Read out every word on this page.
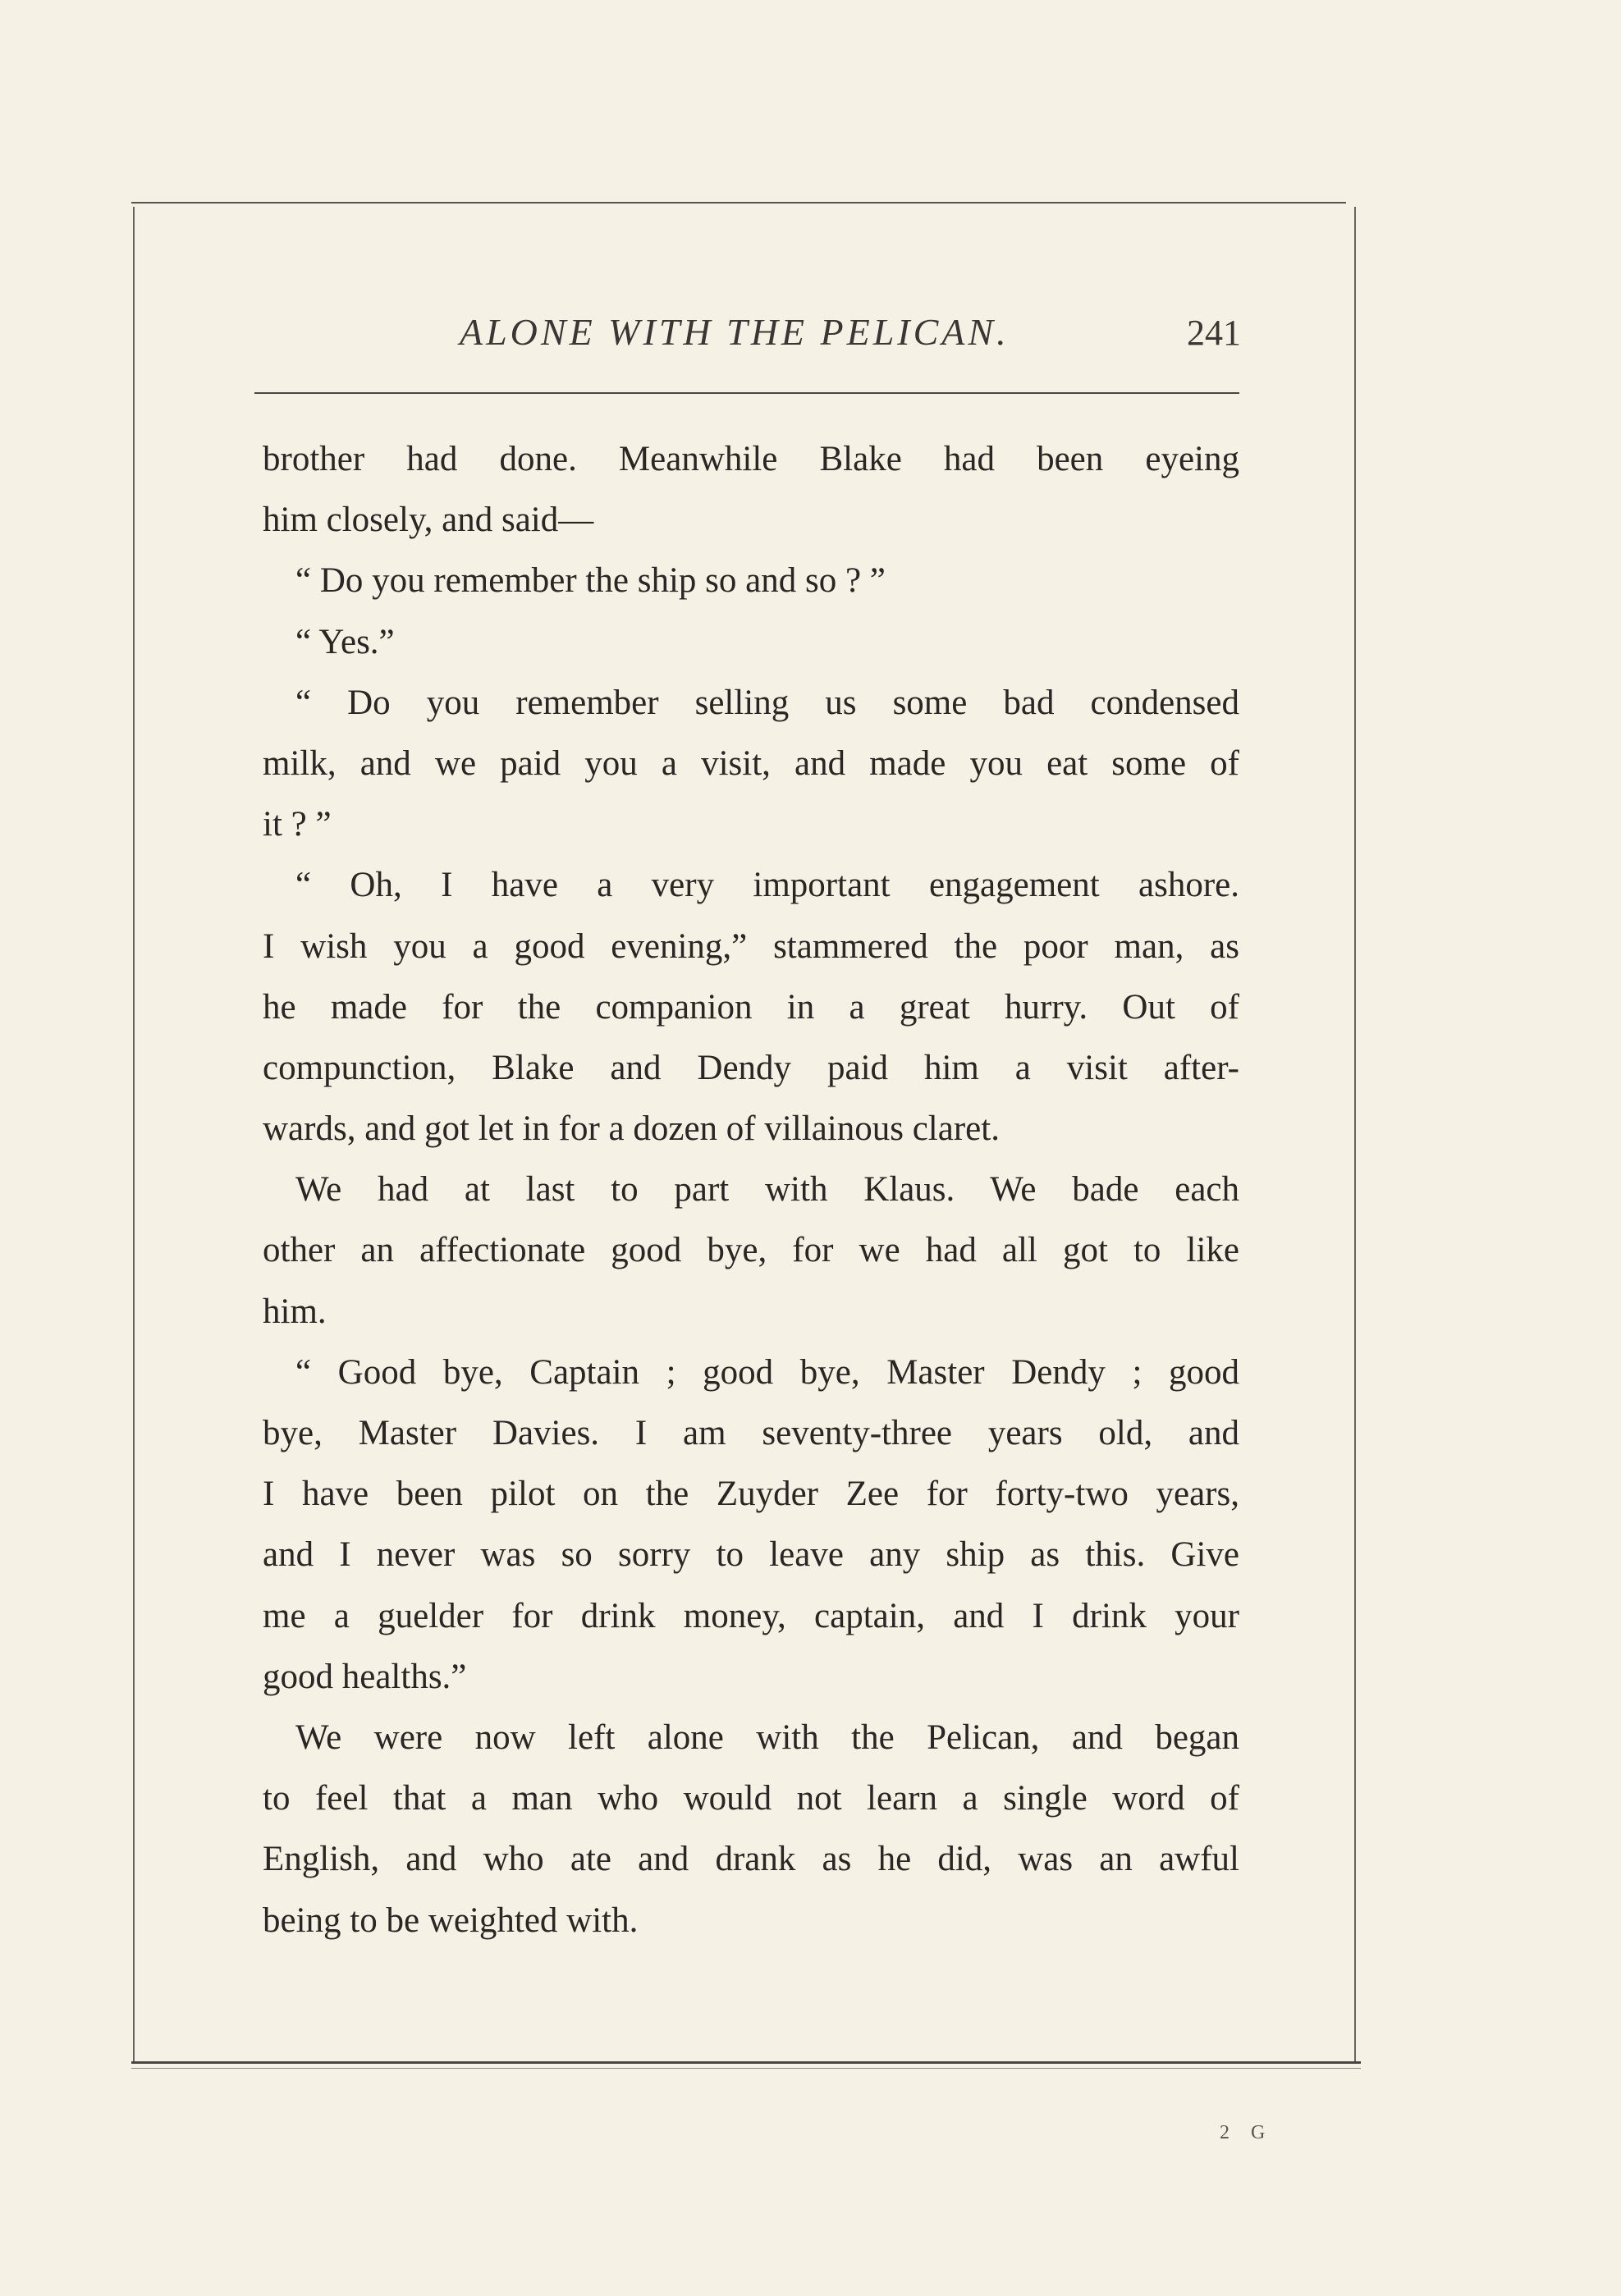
ALONE WITH THE PELICAN.	241
brother had done. Meanwhile Blake had been eyeing
him closely, and said—
“ Do you remember the ship so and so ? ”
“ Yes.”
“ Do you remember selling us some bad condensed
milk, and we paid you a visit, and made you eat some of
it ? ”
“ Oh, I have a very important engagement ashore.
I wish you a good evening,” stammered the poor man, as
he made for the companion in a great hurry. Out of
compunction, Blake and Dendy paid him a visit after-
wards, and got let in for a dozen of villainous claret.
We had at last to part with Klaus. We bade each
other an affectionate good bye, for we had all got to like
him.
“ Good bye, Captain ; good bye, Master Dendy ; good
bye, Master Davies. I am seventy-three years old, and
I have been pilot on the Zuyder Zee for forty-two years,
and I never was so sorry to leave any ship as this. Give
me a guelder for drink money, captain, and I drink your
good healths.”
We were now left alone with the Pelican, and began
to feel that a man who would not learn a single word of
English, and who ate and drank as he did, was an awful
being to be weighted with.
2 G
